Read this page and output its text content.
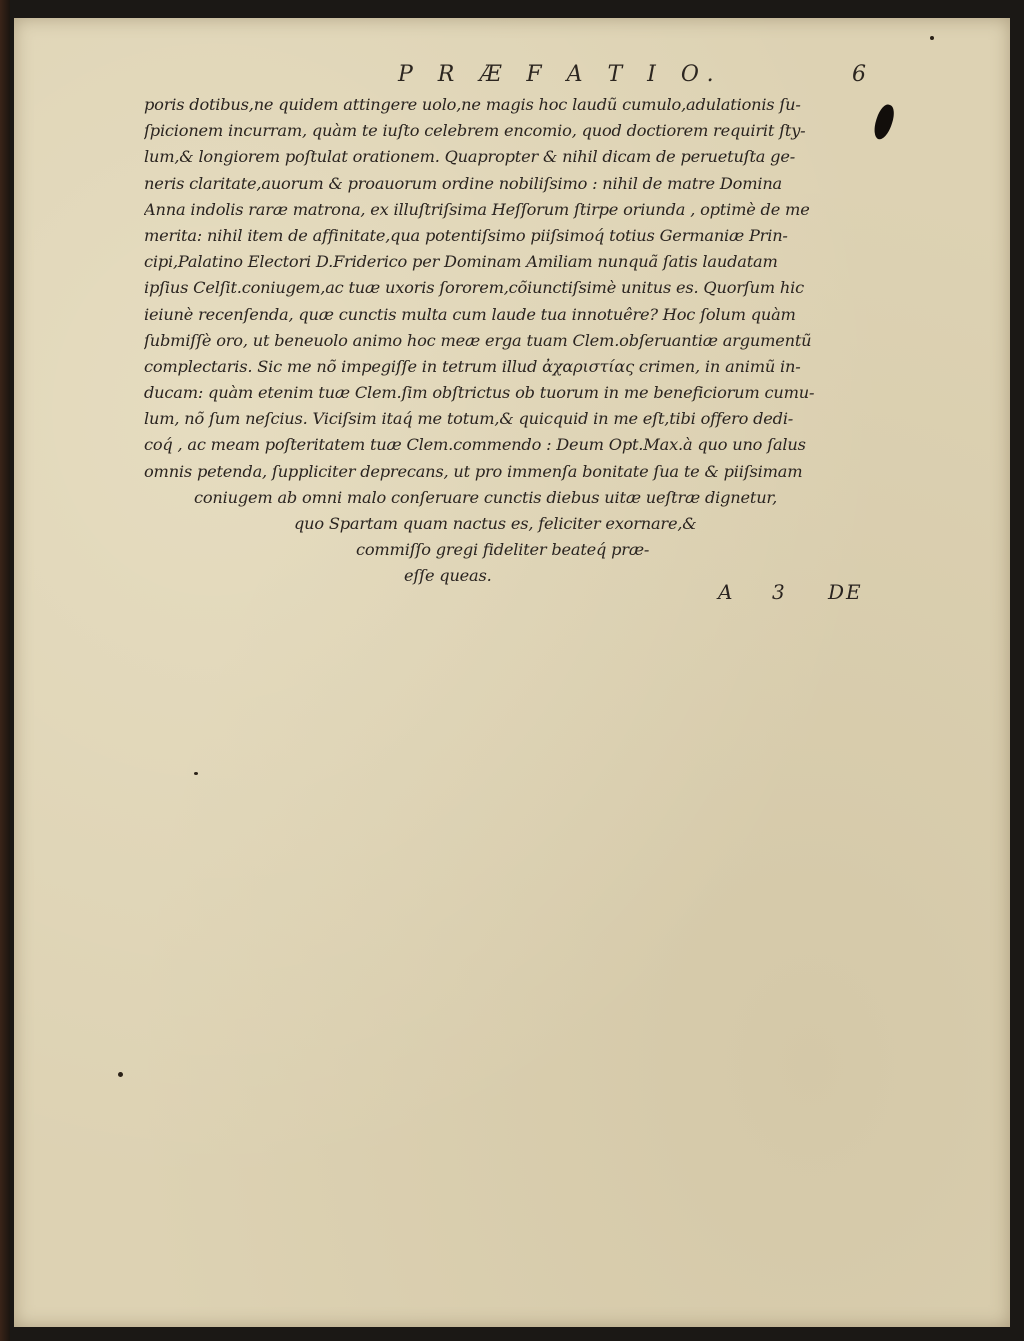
P R Æ F A T I O.	6
poris dotibus,ne quidem attingere uolo,ne magis hoc laudũ cumulo,adulationis ſu-
ſpicionem incurram, quàm te iuſto celebrem encomio, quod doctiorem requirit ſty-
lum,& longiorem poſtulat orationem. Quapropter & nihil dicam de peruetuſta ge-
neris claritate,auorum & proauorum ordine nobiliſsimo : nihil de matre Domina
Anna indolis raræ matrona, ex illuſtriſsima Heſſorum ſtirpe oriunda , optimè de me
merita: nihil item de affinitate,qua potentiſsimo piiſsimoq́ totius Germaniæ Prin-
cipi,Palatino Electori D.Friderico per Dominam Amiliam nunquã ſatis laudatam
ipſius Celſit.coniugem,ac tuæ uxoris ſororem,cõiunctiſsimè unitus es. Quorſum hic
ieiunè recenſenda, quæ cunctis multa cum laude tua innotuêre? Hoc ſolum quàm
ſubmiſſè oro, ut beneuolo animo hoc meæ erga tuam Clem.obſeruantiæ argumentũ
complectaris. Sic me nõ impegiſſe in tetrum illud ἀχαριστίας crimen, in animũ in-
ducam: quàm etenim tuæ Clem.ſim obſtrictus ob tuorum in me beneficiorum cumu-
lum, nõ ſum neſcius. Viciſsim itaq́ me totum,& quicquid in me eſt,tibi offero dedi-
coq́ , ac meam poſteritatem tuæ Clem.commendo : Deum Opt.Max.à quo uno ſalus
omnis petenda, ſuppliciter deprecans, ut pro immenſa bonitate ſua te & piiſsimam
coniugem ab omni malo conſeruare cunctis diebus uitæ ueſtræ dignetur,
quo Spartam quam nactus es, feliciter exornare,&
commiſſo gregi fideliter beateq́ præ-
eſſe queas.
A 3 DE
